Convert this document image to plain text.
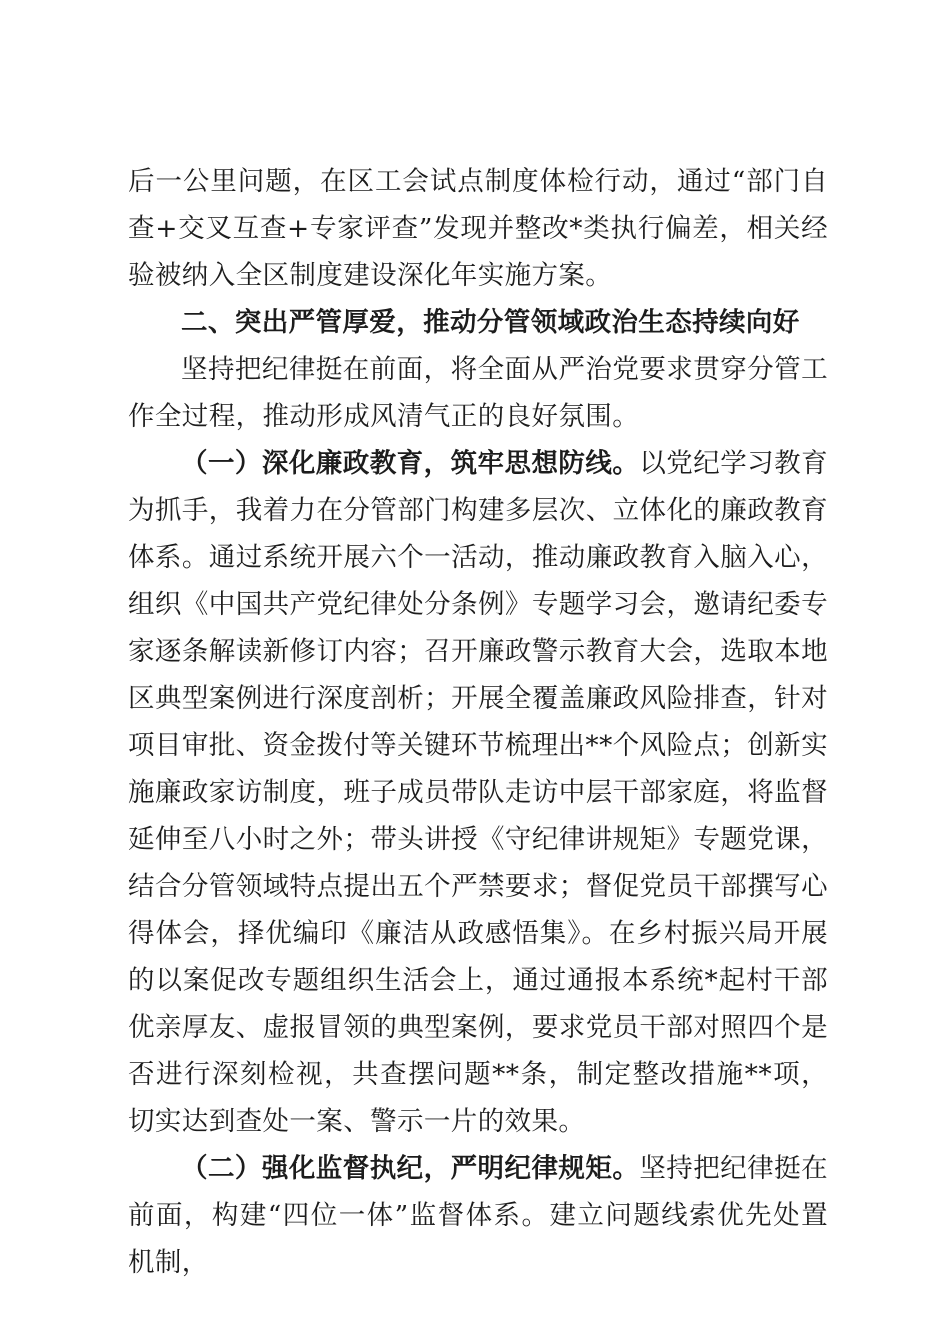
后一公里问题，在区工会试点制度体检行动，通过“部门自查+交叉互查+专家评查”发现并整改*类执行偏差，相关经验被纳入全区制度建设深化年实施方案。

二、突出严管厚爱，推动分管领域政治生态持续向好

坚持把纪律挺在前面，将全面从严治党要求贯穿分管工作全过程，推动形成风清气正的良好氛围。

（一）深化廉政教育，筑牢思想防线。以党纪学习教育为抓手，我着力在分管部门构建多层次、立体化的廉政教育体系。通过系统开展六个一活动，推动廉政教育入脑入心，组织《中国共产党纪律处分条例》专题学习会，邀请纪委专家逐条解读新修订内容；召开廉政警示教育大会，选取本地区典型案例进行深度剖析；开展全覆盖廉政风险排查，针对项目审批、资金拨付等关键环节梳理出**个风险点；创新实施廉政家访制度，班子成员带队走访中层干部家庭，将监督延伸至八小时之外；带头讲授《守纪律讲规矩》专题党课，结合分管领域特点提出五个严禁要求；督促党员干部撰写心得体会，择优编印《廉洁从政感悟集》。在乡村振兴局开展的以案促改专题组织生活会上，通过通报本系统*起村干部优亲厚友、虚报冒领的典型案例，要求党员干部对照四个是否进行深刻检视，共查摆问题**条，制定整改措施**项，切实达到查处一案、警示一片的效果。

（二）强化监督执纪，严明纪律规矩。坚持把纪律挺在前面，构建“四位一体”监督体系。建立问题线索优先处置机制，
